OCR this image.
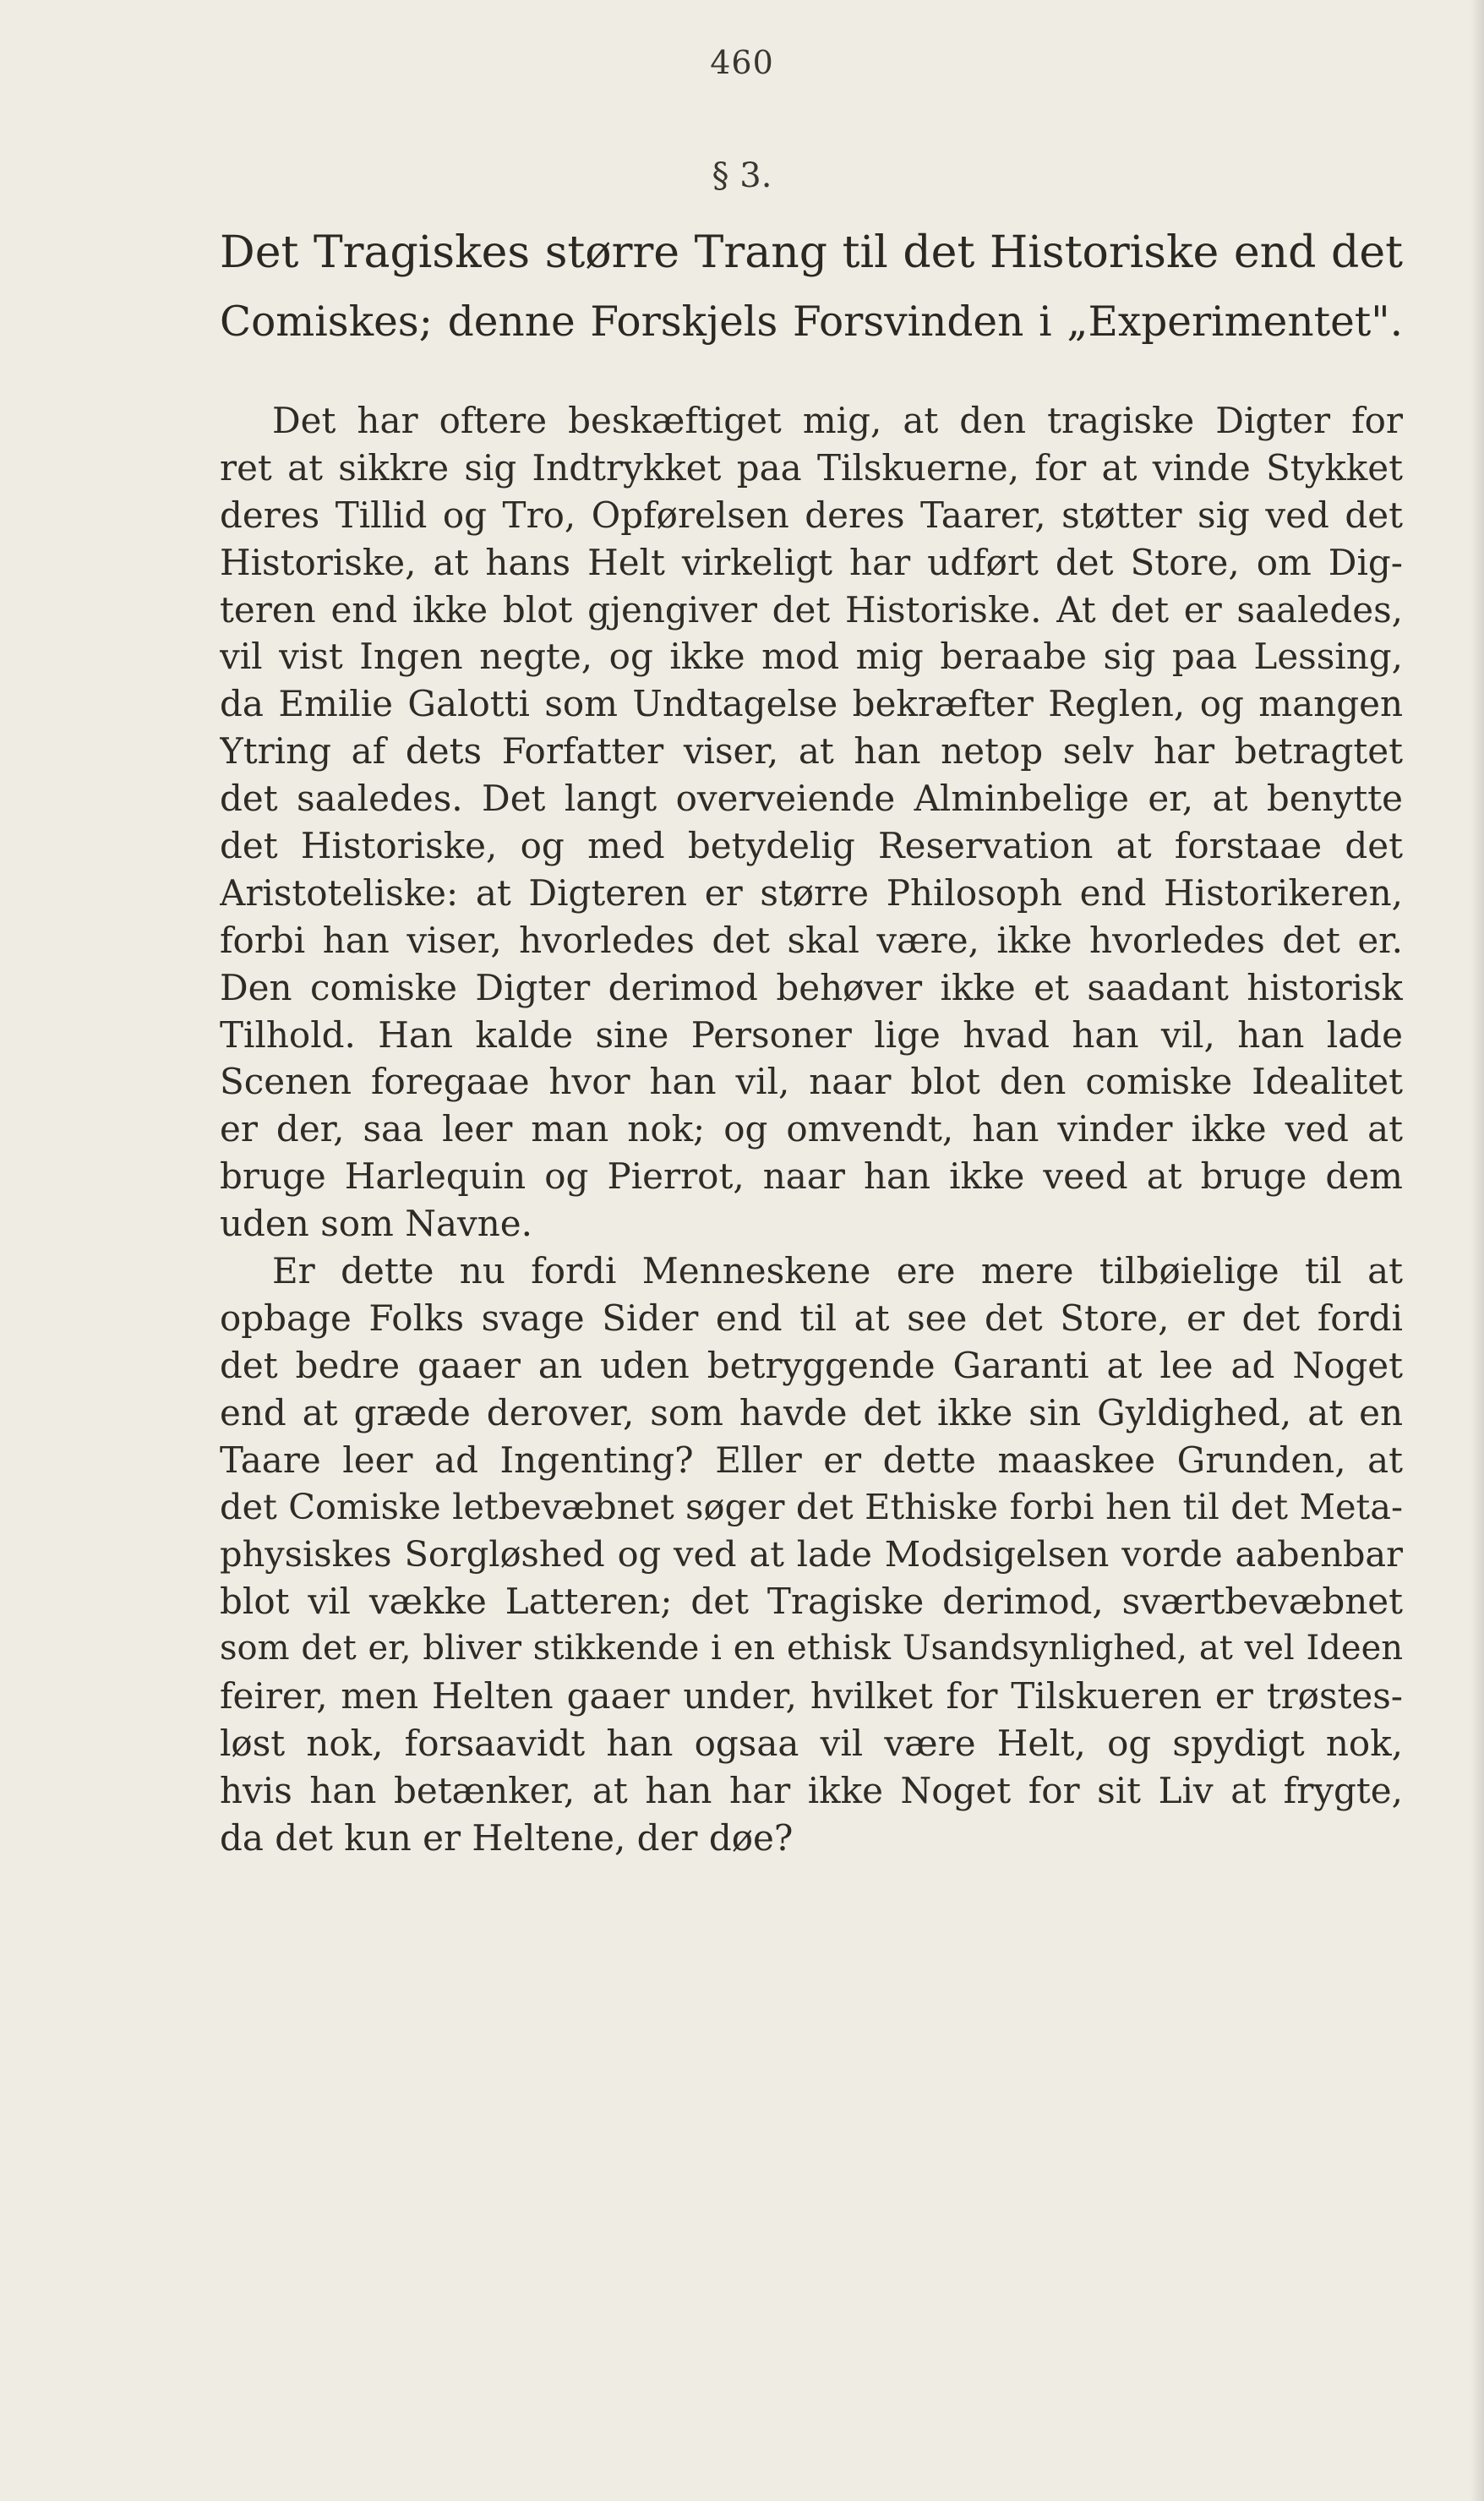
460
§ 3.
Det Tragiskes større Trang til det Historiske end det
Comiskes; denne Forskjels Forsvinden i „Experimentet".
Det har oftere beskæftiget mig, at den tragiske Digter for
ret at sikkre sig Indtrykket paa Tilskuerne, for at vinde Stykket
deres Tillid og Tro, Opførelsen deres Taarer, støtter sig ved det
Historiske, at hans Helt virkeligt har udført det Store, om Dig-
teren end ikke blot gjengiver det Historiske. At det er saaledes,
vil vist Ingen negte, og ikke mod mig beraabe sig paa Lessing,
da Emilie Galotti som Undtagelse bekræfter Reglen, og mangen
Ytring af dets Forfatter viser, at han netop selv har betragtet
det saaledes. Det langt overveiende Alminbelige er, at benytte
det Historiske, og med betydelig Reservation at forstaae det
Aristoteliske: at Digteren er større Philosoph end Historikeren,
forbi han viser, hvorledes det skal være, ikke hvorledes det er.
Den comiske Digter derimod behøver ikke et saadant historisk
Tilhold. Han kalde sine Personer lige hvad han vil, han lade
Scenen foregaae hvor han vil, naar blot den comiske Idealitet
er der, saa leer man nok; og omvendt, han vinder ikke ved at
bruge Harlequin og Pierrot, naar han ikke veed at bruge dem
uden som Navne.
Er dette nu fordi Menneskene ere mere tilbøielige til at
opbage Folks svage Sider end til at see det Store, er det fordi
det bedre gaaer an uden betryggende Garanti at lee ad Noget
end at græde derover, som havde det ikke sin Gyldighed, at en
Taare leer ad Ingenting? Eller er dette maaskee Grunden, at
det Comiske letbevæbnet søger det Ethiske forbi hen til det Meta-
physiskes Sorgløshed og ved at lade Modsigelsen vorde aabenbar
blot vil vække Latteren; det Tragiske derimod, sværtbevæbnet
som det er, bliver stikkende i en ethisk Usandsynlighed, at vel Ideen
feirer, men Helten gaaer under, hvilket for Tilskueren er trøstes-
løst nok, forsaavidt han ogsaa vil være Helt, og spydigt nok,
hvis han betænker, at han har ikke Noget for sit Liv at frygte,
da det kun er Heltene, der døe?
